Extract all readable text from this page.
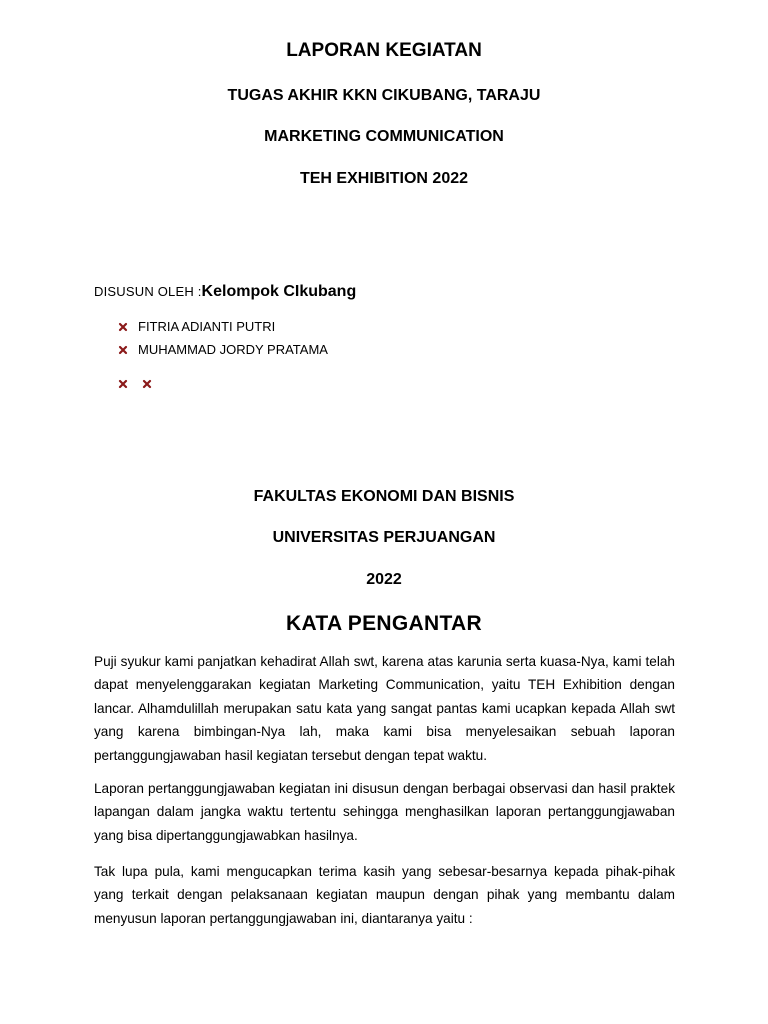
LAPORAN KEGIATAN
TUGAS AKHIR KKN CIKUBANG, TARAJU
MARKETING COMMUNICATION
TEH EXHIBITION 2022
DISUSUN OLEH :Kelompok CIkubang
FITRIA ADIANTI PUTRI
MUHAMMAD JORDY PRATAMA
FAKULTAS EKONOMI DAN BISNIS
UNIVERSITAS PERJUANGAN
2022
KATA PENGANTAR

Puji syukur kami panjatkan kehadirat Allah swt, karena atas karunia serta kuasa-Nya, kami telah dapat menyelenggarakan kegiatan Marketing Communication, yaitu TEH Exhibition dengan lancar. Alhamdulillah merupakan satu kata yang sangat pantas kami ucapkan kepada Allah swt yang karena bimbingan-Nya lah, maka kami bisa menyelesaikan sebuah laporan pertanggungjawaban hasil kegiatan tersebut dengan tepat waktu.

Laporan pertanggungjawaban kegiatan ini disusun dengan berbagai observasi dan hasil praktek lapangan dalam jangka waktu tertentu sehingga menghasilkan laporan pertanggungjawaban yang bisa dipertanggungjawabkan hasilnya.

Tak lupa pula, kami mengucapkan terima kasih yang sebesar-besarnya kepada pihak-pihak yang terkait dengan pelaksanaan kegiatan maupun dengan pihak yang membantu dalam menyusun laporan pertanggungjawaban ini, diantaranya yaitu :
